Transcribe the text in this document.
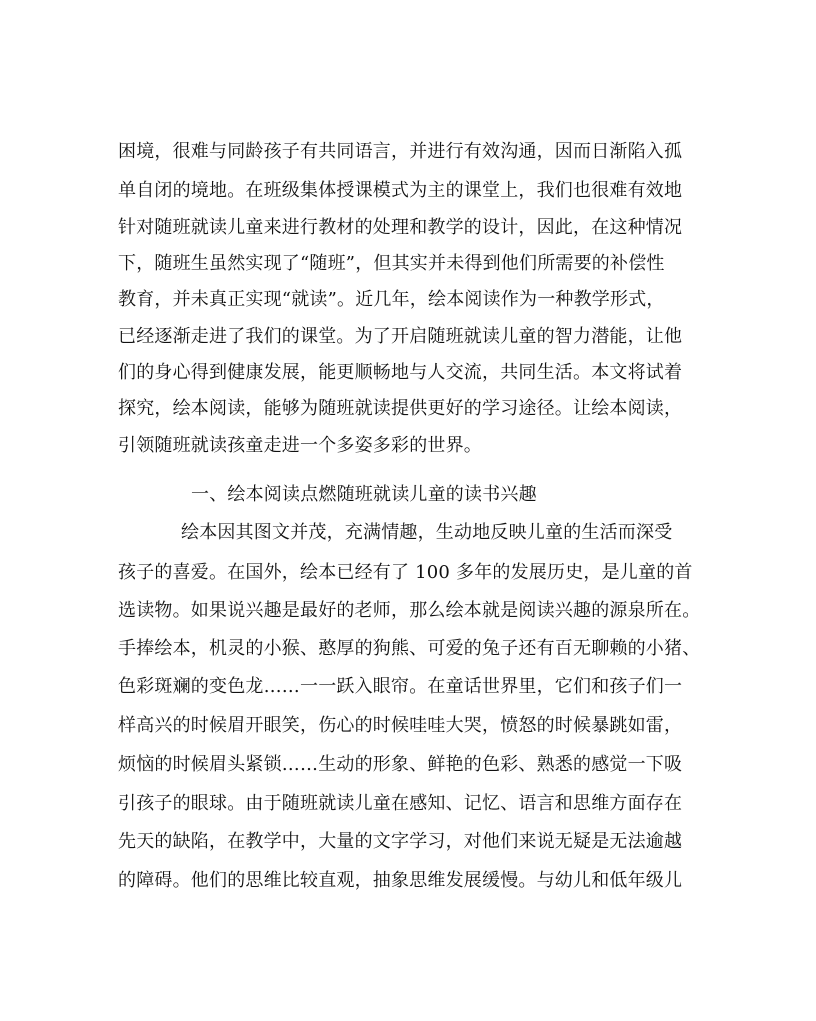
困境，很难与同龄孩子有共同语言，并进行有效沟通，因而日渐陷入孤
单自闭的境地。在班级集体授课模式为主的课堂上，我们也很难有效地
针对随班就读儿童来进行教材的处理和教学的设计，因此，在这种情况
下，随班生虽然实现了“随班”，但其实并未得到他们所需要的补偿性
教育，并未真正实现“就读”。近几年，绘本阅读作为一种教学形式，
已经逐渐走进了我们的课堂。为了开启随班就读儿童的智力潜能，让他
们的身心得到健康发展，能更顺畅地与人交流，共同生活。本文将试着
探究，绘本阅读，能够为随班就读提供更好的学习途径。让绘本阅读，
引领随班就读孩童走进一个多姿多彩的世界。
一、绘本阅读点燃随班就读儿童的读书兴趣
绘本因其图文并茂，充满情趣，生动地反映儿童的生活而深受
孩子的喜爱。在国外，绘本已经有了 100 多年的发展历史，是儿童的首
选读物。如果说兴趣是最好的老师，那么绘本就是阅读兴趣的源泉所在。
手捧绘本，机灵的小猴、憨厚的狗熊、可爱的兔子还有百无聊赖的小猪、
色彩斑斓的变色龙……一一跃入眼帘。在童话世界里，它们和孩子们一
样高兴的时候眉开眼笑，伤心的时候哇哇大哭，愤怒的时候暴跳如雷，
烦恼的时候眉头紧锁……生动的形象、鲜艳的色彩、熟悉的感觉一下吸
引孩子的眼球。由于随班就读儿童在感知、记忆、语言和思维方面存在
先天的缺陷，在教学中，大量的文字学习，对他们来说无疑是无法逾越
的障碍。他们的思维比较直观，抽象思维发展缓慢。与幼儿和低年级儿
